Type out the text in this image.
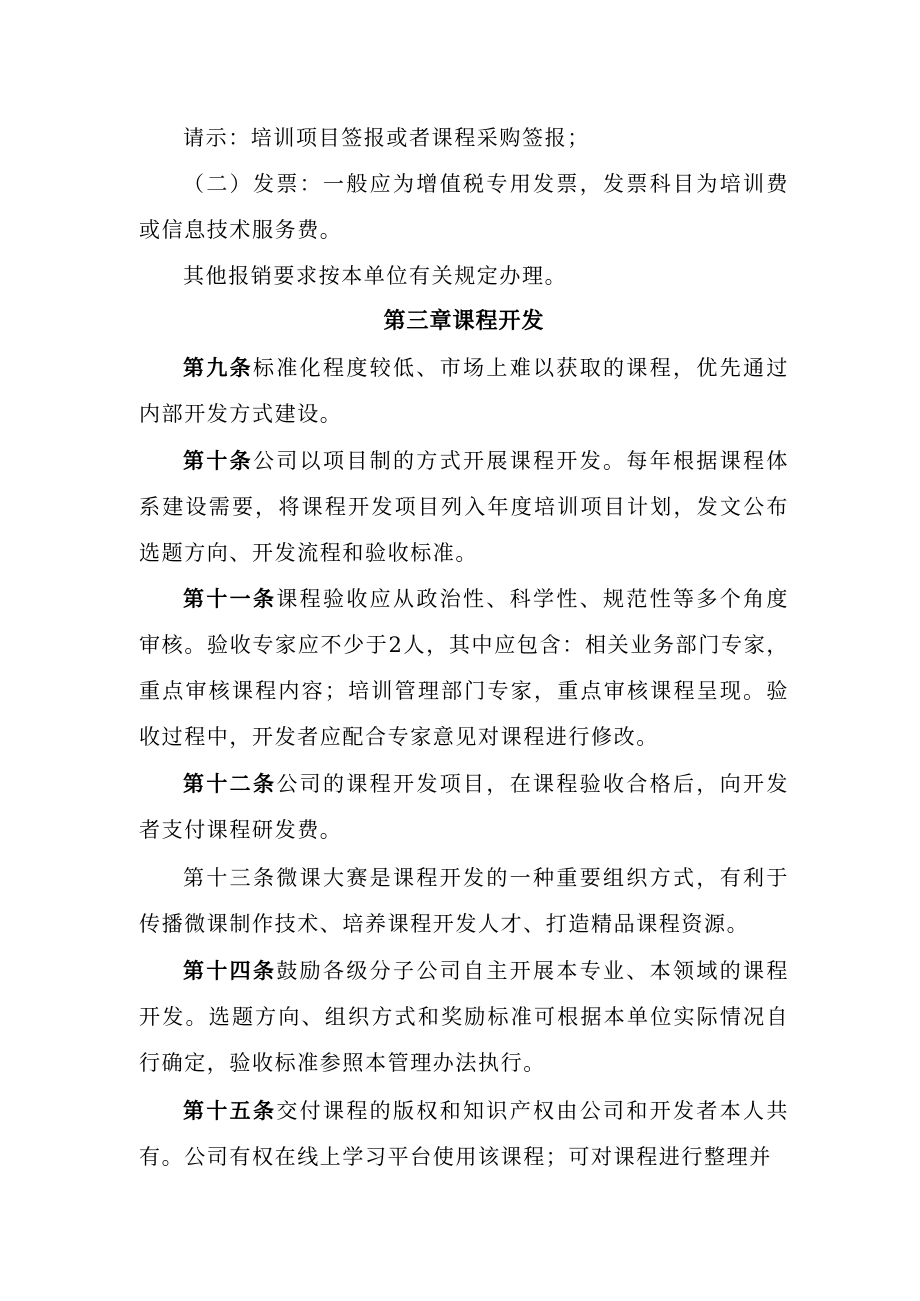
请示：培训项目签报或者课程采购签报；

（二）发票：一般应为增值税专用发票，发票科目为培训费或信息技术服务费。

其他报销要求按本单位有关规定办理。

第三章课程开发

第九条标准化程度较低、市场上难以获取的课程，优先通过内部开发方式建设。

第十条公司以项目制的方式开展课程开发。每年根据课程体系建设需要，将课程开发项目列入年度培训项目计划，发文公布选题方向、开发流程和验收标准。

第十一条课程验收应从政治性、科学性、规范性等多个角度审核。验收专家应不少于2人，其中应包含：相关业务部门专家，重点审核课程内容；培训管理部门专家，重点审核课程呈现。验收过程中，开发者应配合专家意见对课程进行修改。

第十二条公司的课程开发项目，在课程验收合格后，向开发者支付课程研发费。

第十三条微课大赛是课程开发的一种重要组织方式，有利于传播微课制作技术、培养课程开发人才、打造精品课程资源。

第十四条鼓励各级分子公司自主开展本专业、本领域的课程开发。选题方向、组织方式和奖励标准可根据本单位实际情况自行确定，验收标准参照本管理办法执行。

第十五条交付课程的版权和知识产权由公司和开发者本人共有。公司有权在线上学习平台使用该课程；可对课程进行整理并
